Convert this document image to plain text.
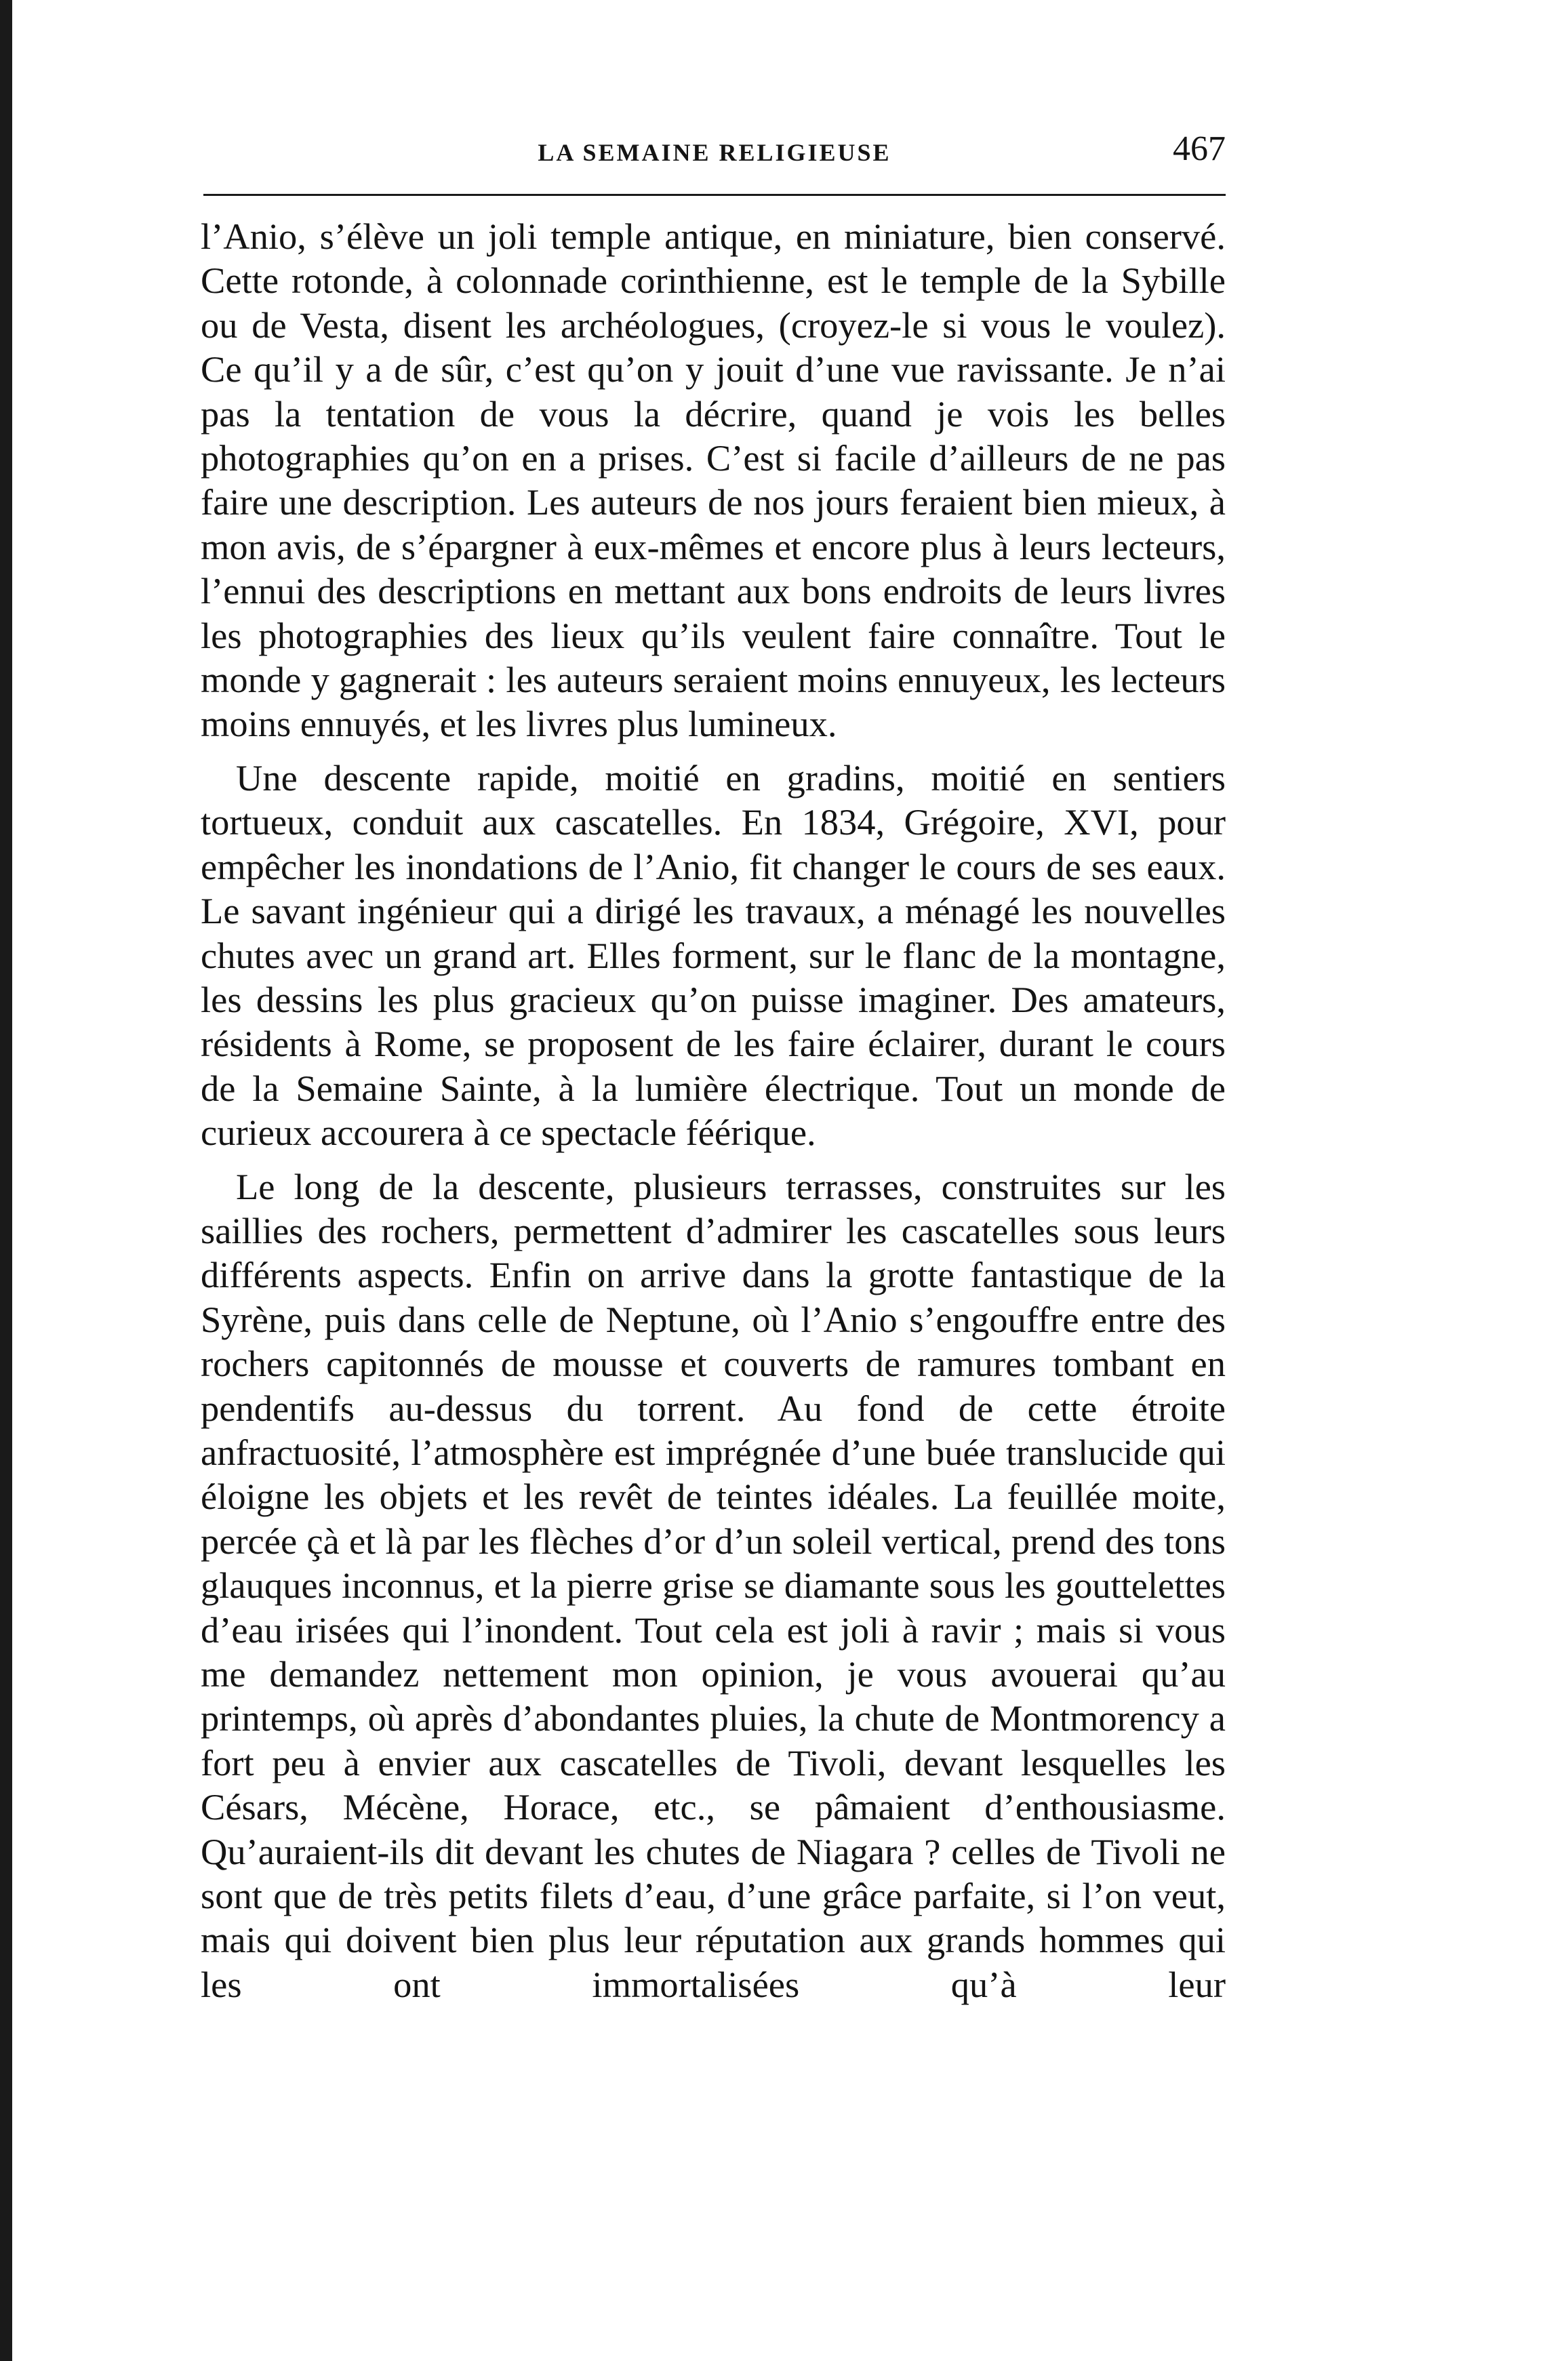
LA SEMAINE RELIGIEUSE	467

l’Anio, s’élève un joli temple antique, en miniature, bien conservé. Cette rotonde, à colonnade corinthienne, est le temple de la Sybille ou de Vesta, disent les archéologues, (croyez-le si vous le voulez). Ce qu’il y a de sûr, c’est qu’on y jouit d’une vue ravissante. Je n’ai pas la tentation de vous la décrire, quand je vois les belles photographies qu’on en a prises. C’est si facile d’ailleurs de ne pas faire une description. Les auteurs de nos jours feraient bien mieux, à mon avis, de s’épargner à eux-mêmes et encore plus à leurs lecteurs, l’ennui des descriptions en mettant aux bons endroits de leurs livres les photographies des lieux qu’ils veulent faire connaître. Tout le monde y gagnerait : les auteurs seraient moins ennuyeux, les lecteurs moins ennuyés, et les livres plus lumineux.

Une descente rapide, moitié en gradins, moitié en sentiers tortueux, conduit aux cascatelles. En 1834, Grégoire, XVI, pour empêcher les inondations de l’Anio, fit changer le cours de ses eaux. Le savant ingénieur qui a dirigé les travaux, a ménagé les nouvelles chutes avec un grand art. Elles forment, sur le flanc de la montagne, les dessins les plus gracieux qu’on puisse imaginer. Des amateurs, résidents à Rome, se proposent de les faire éclairer, durant le cours de la Semaine Sainte, à la lumière électrique. Tout un monde de curieux accourera à ce spectacle féérique.

Le long de la descente, plusieurs terrasses, construites sur les saillies des rochers, permettent d’admirer les cascatelles sous leurs différents aspects. Enfin on arrive dans la grotte fantastique de la Syrène, puis dans celle de Neptune, où l’Anio s’engouffre entre des rochers capitonnés de mousse et couverts de ramures tombant en pendentifs au-dessus du torrent. Au fond de cette étroite anfractuosité, l’atmosphère est imprégnée d’une buée translucide qui éloigne les objets et les revêt de teintes idéales. La feuillée moite, percée çà et là par les flèches d’or d’un soleil vertical, prend des tons glauques inconnus, et la pierre grise se diamante sous les gouttelettes d’eau irisées qui l’inondent. Tout cela est joli à ravir ; mais si vous me demandez nettement mon opinion, je vous avouerai qu’au printemps, où après d’abondantes pluies, la chute de Montmorency a fort peu à envier aux cascatelles de Tivoli, devant lesquelles les Césars, Mécène, Horace, etc., se pâmaient d’enthousiasme. Qu’auraient-ils dit devant les chutes de Niagara ? celles de Tivoli ne sont que de très petits filets d’eau, d’une grâce parfaite, si l’on veut, mais qui doivent bien plus leur réputation aux grands hommes qui les ont immortalisées qu’à leur
